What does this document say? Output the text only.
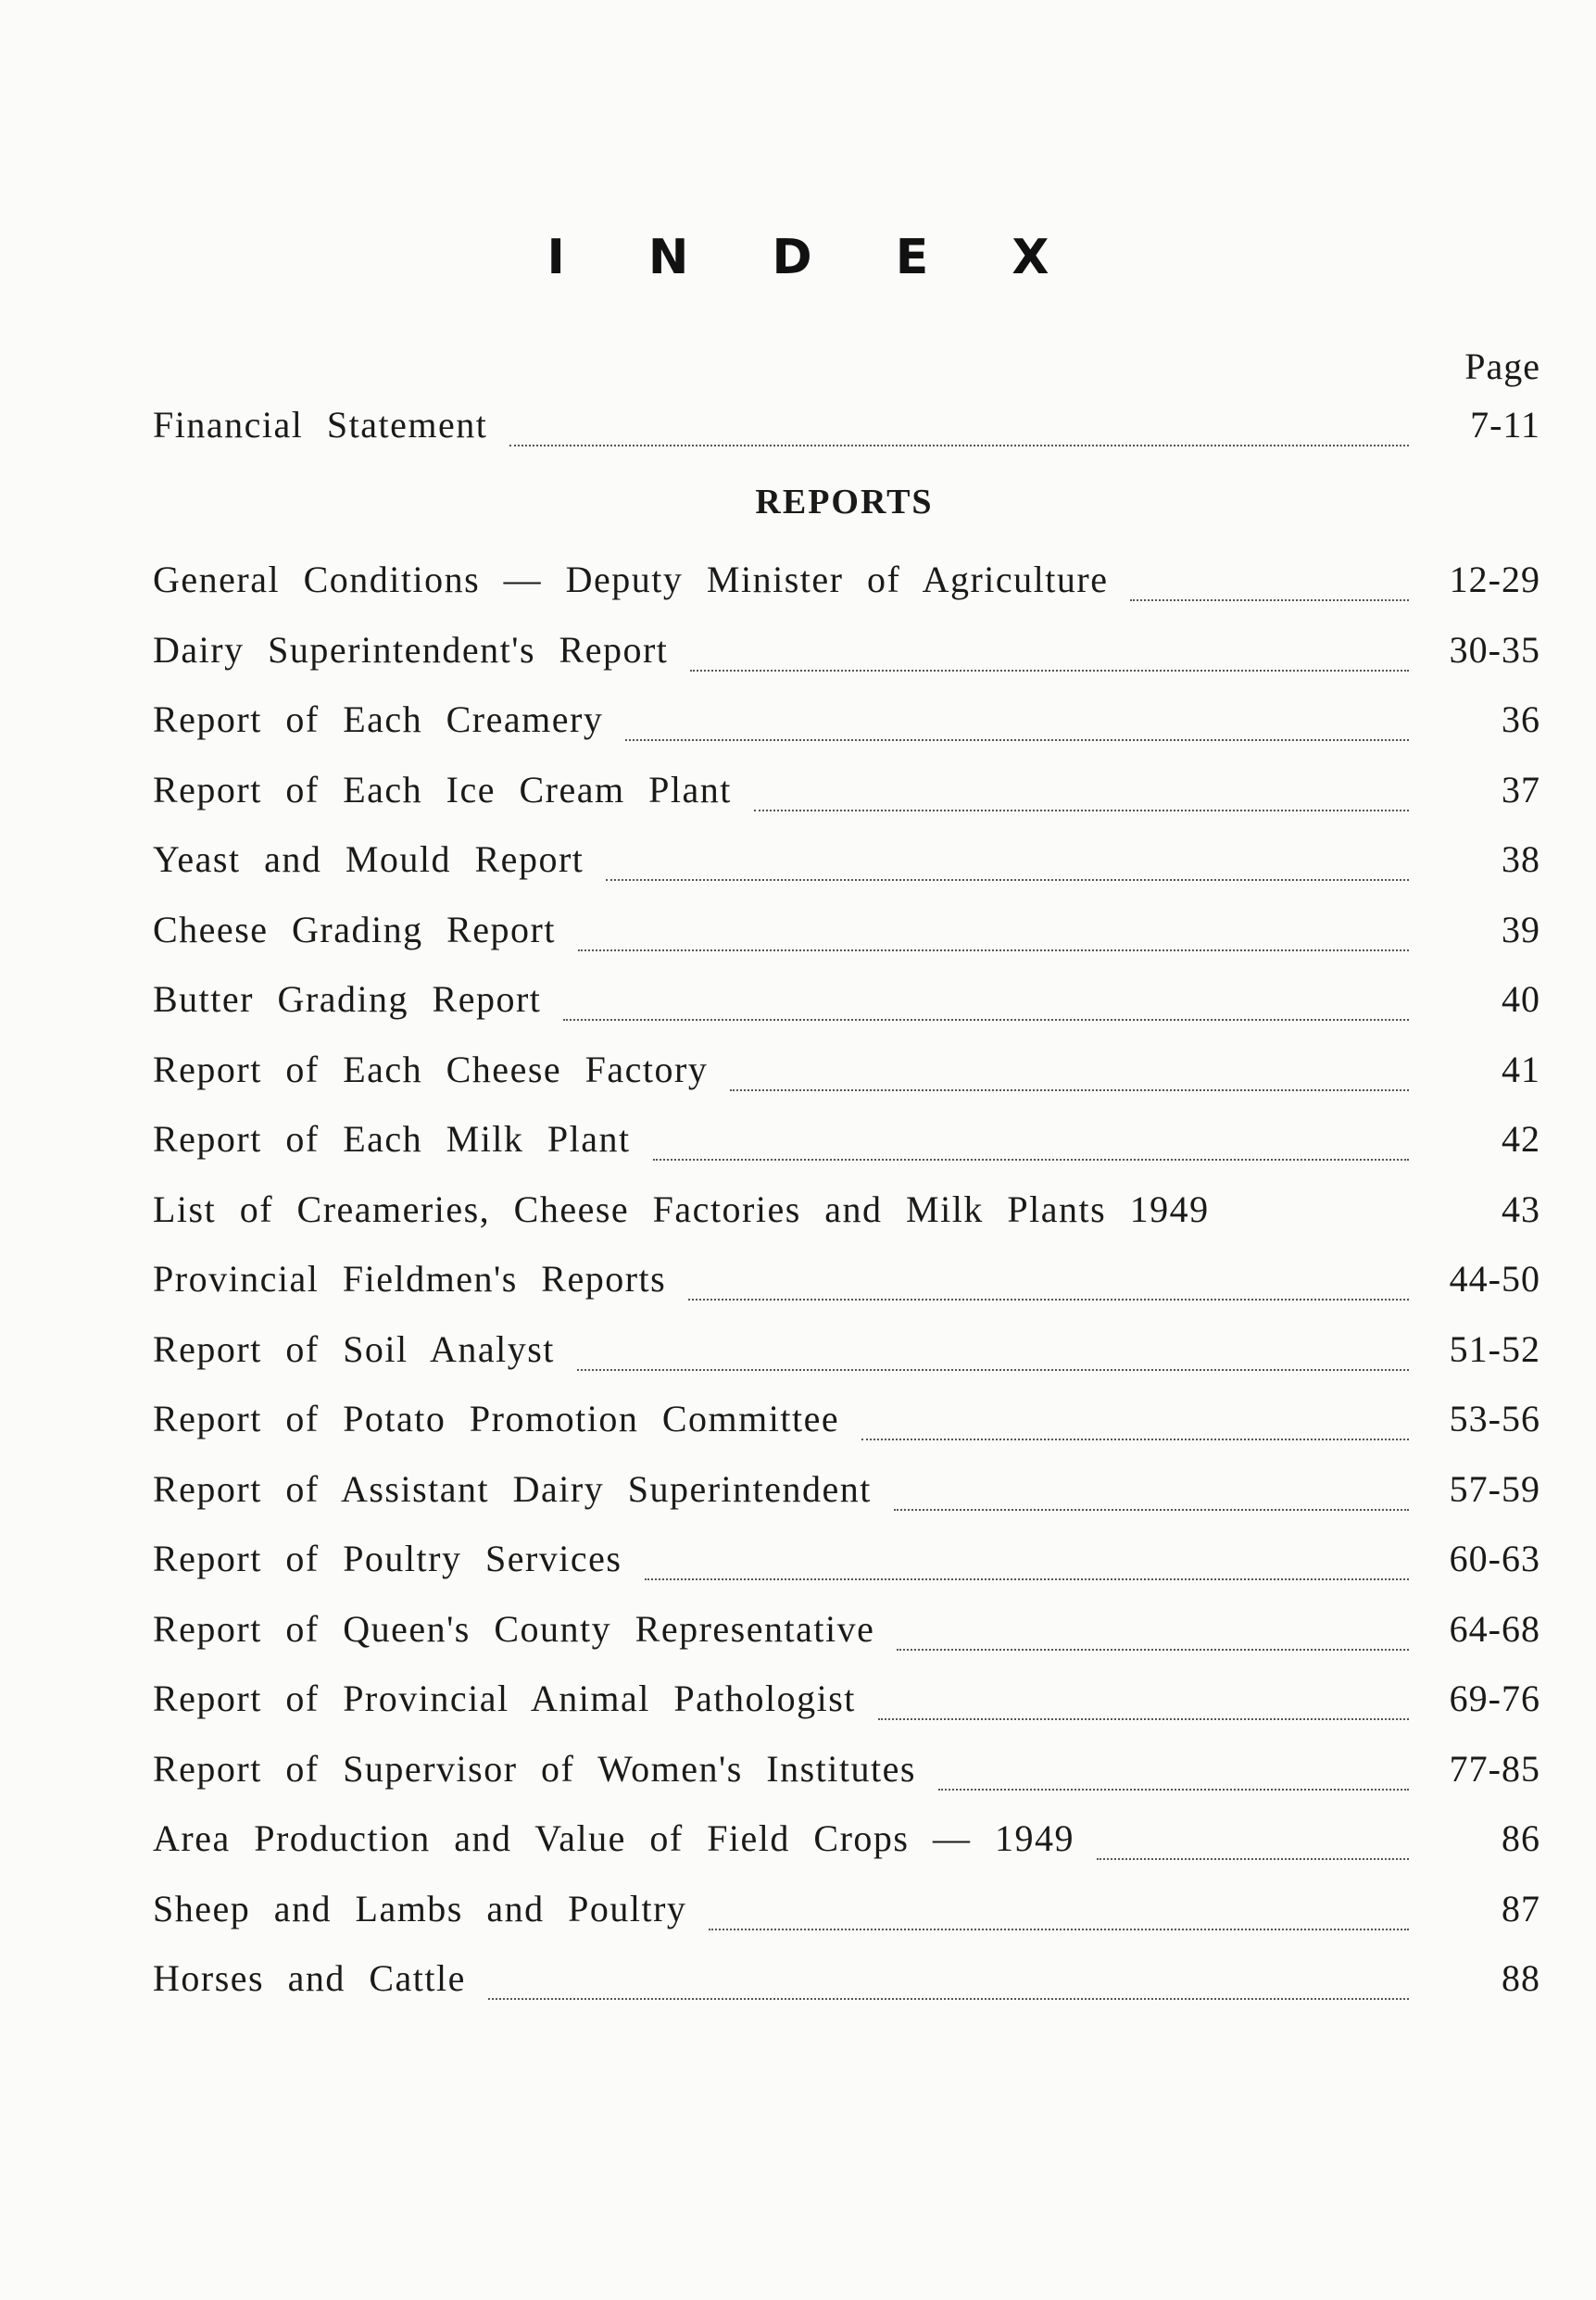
I N D E X
Page
Financial Statement	7-11
REPORTS
General Conditions — Deputy Minister of Agriculture	12-29
Dairy Superintendent's Report	30-35
Report of Each Creamery	36
Report of Each Ice Cream Plant	37
Yeast and Mould Report	38
Cheese Grading Report	39
Butter Grading Report	40
Report of Each Cheese Factory	41
Report of Each Milk Plant	42
List of Creameries, Cheese Factories and Milk Plants 1949	43
Provincial Fieldmen's Reports	44-50
Report of Soil Analyst	51-52
Report of Potato Promotion Committee	53-56
Report of Assistant Dairy Superintendent	57-59
Report of Poultry Services	60-63
Report of Queen's County Representative	64-68
Report of Provincial Animal Pathologist	69-76
Report of Supervisor of Women's Institutes	77-85
Area Production and Value of Field Crops — 1949	86
Sheep and Lambs and Poultry	87
Horses and Cattle	88
